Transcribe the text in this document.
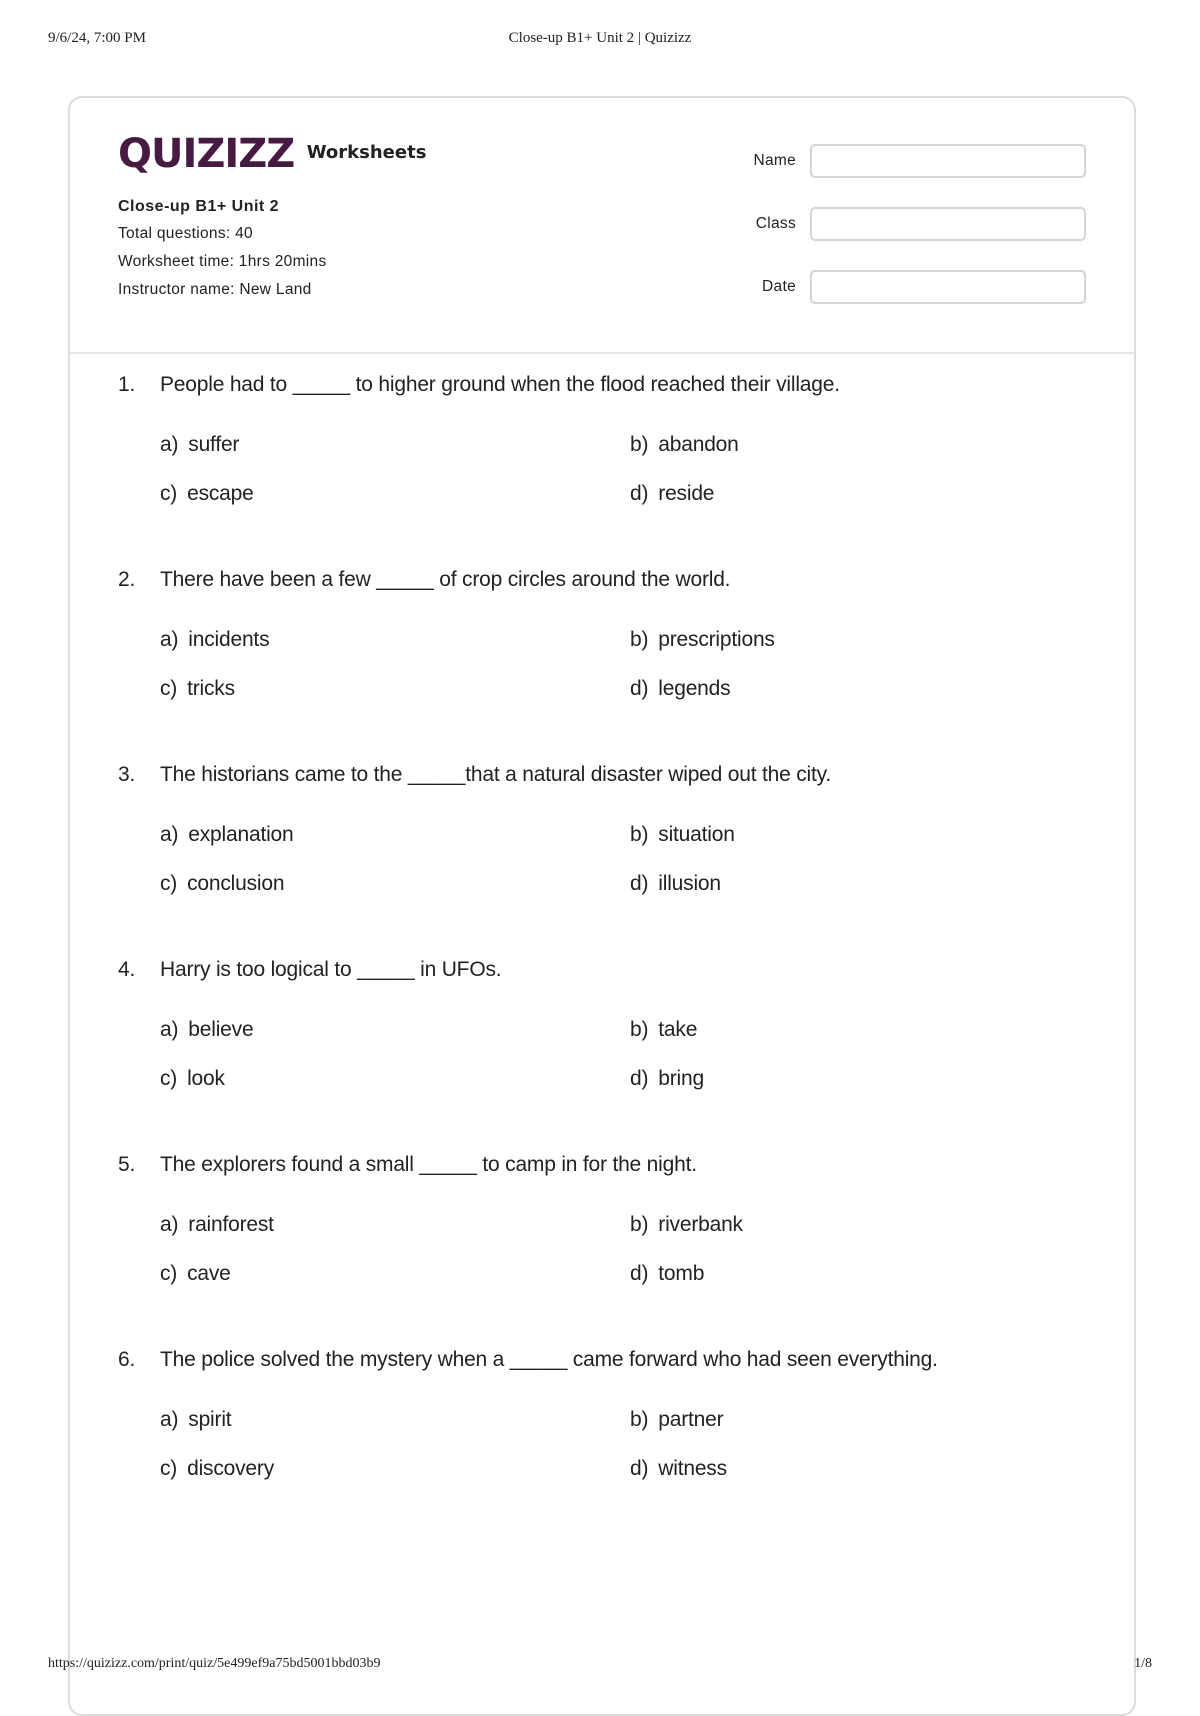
9/6/24, 7:00 PM	Close-up B1+ Unit 2 | Quizizz
QUIZIZZ Worksheets
Close-up B1+ Unit 2
Total questions: 40
Worksheet time: 1hrs 20mins
Instructor name: New Land
Name
Class
Date
1.	People had to _____ to higher ground when the flood reached their village.
a) suffer	b) abandon
c) escape	d) reside
2.	There have been a few _____ of crop circles around the world.
a) incidents	b) prescriptions
c) tricks	d) legends
3.	The historians came to the _____that a natural disaster wiped out the city.
a) explanation	b) situation
c) conclusion	d) illusion
4.	Harry is too logical to _____ in UFOs.
a) believe	b) take
c) look	d) bring
5.	The explorers found a small _____ to camp in for the night.
a) rainforest	b) riverbank
c) cave	d) tomb
6.	The police solved the mystery when a _____ came forward who had seen everything.
a) spirit	b) partner
c) discovery	d) witness
https://quizizz.com/print/quiz/5e499ef9a75bd5001bbd03b9	1/8
